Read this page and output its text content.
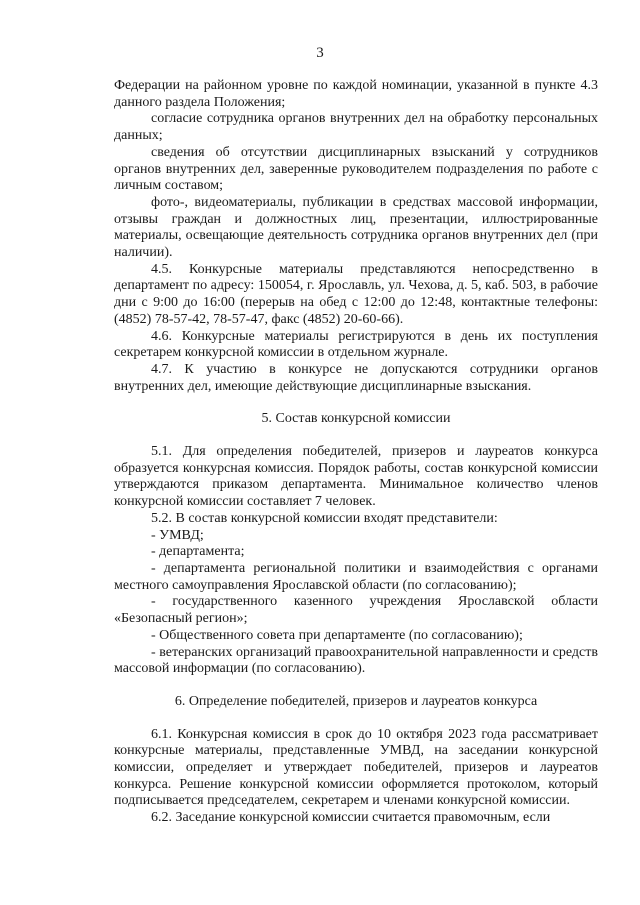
3

Федерации на районном уровне по каждой номинации, указанной в пункте 4.3 данного раздела Положения;

согласие сотрудника органов внутренних дел на обработку персональных данных;

сведения об отсутствии дисциплинарных взысканий у сотрудников органов внутренних дел, заверенные руководителем подразделения по работе с личным составом;

фото-, видеоматериалы, публикации в средствах массовой информации, отзывы граждан и должностных лиц, презентации, иллюстрированные материалы, освещающие деятельность сотрудника органов внутренних дел (при наличии).

4.5. Конкурсные материалы представляются непосредственно в департамент по адресу: 150054, г. Ярославль, ул. Чехова, д. 5, каб. 503, в рабочие дни с 9:00 до 16:00 (перерыв на обед с 12:00 до 12:48, контактные телефоны: (4852) 78-57-42, 78-57-47, факс (4852) 20-60-66).

4.6. Конкурсные материалы регистрируются в день их поступления секретарем конкурсной комиссии в отдельном журнале.

4.7. К участию в конкурсе не допускаются сотрудники органов внутренних дел, имеющие действующие дисциплинарные взыскания.

5. Состав конкурсной комиссии

5.1. Для определения победителей, призеров и лауреатов конкурса образуется конкурсная комиссия. Порядок работы, состав конкурсной комиссии утверждаются приказом департамента. Минимальное количество членов конкурсной комиссии составляет 7 человек.

5.2. В состав конкурсной комиссии входят представители:

- УМВД;

- департамента;

- департамента региональной политики и взаимодействия с органами местного самоуправления Ярославской области (по согласованию);

- государственного казенного учреждения Ярославской области «Безопасный регион»;

- Общественного совета при департаменте (по согласованию);

- ветеранских организаций правоохранительной направленности и средств массовой информации (по согласованию).

6. Определение победителей, призеров и лауреатов конкурса

6.1. Конкурсная комиссия в срок до 10 октября 2023 года рассматривает конкурсные материалы, представленные УМВД, на заседании конкурсной комиссии, определяет и утверждает победителей, призеров и лауреатов конкурса. Решение конкурсной комиссии оформляется протоколом, который подписывается председателем, секретарем и членами конкурсной комиссии.

6.2. Заседание конкурсной комиссии считается правомочным, если
